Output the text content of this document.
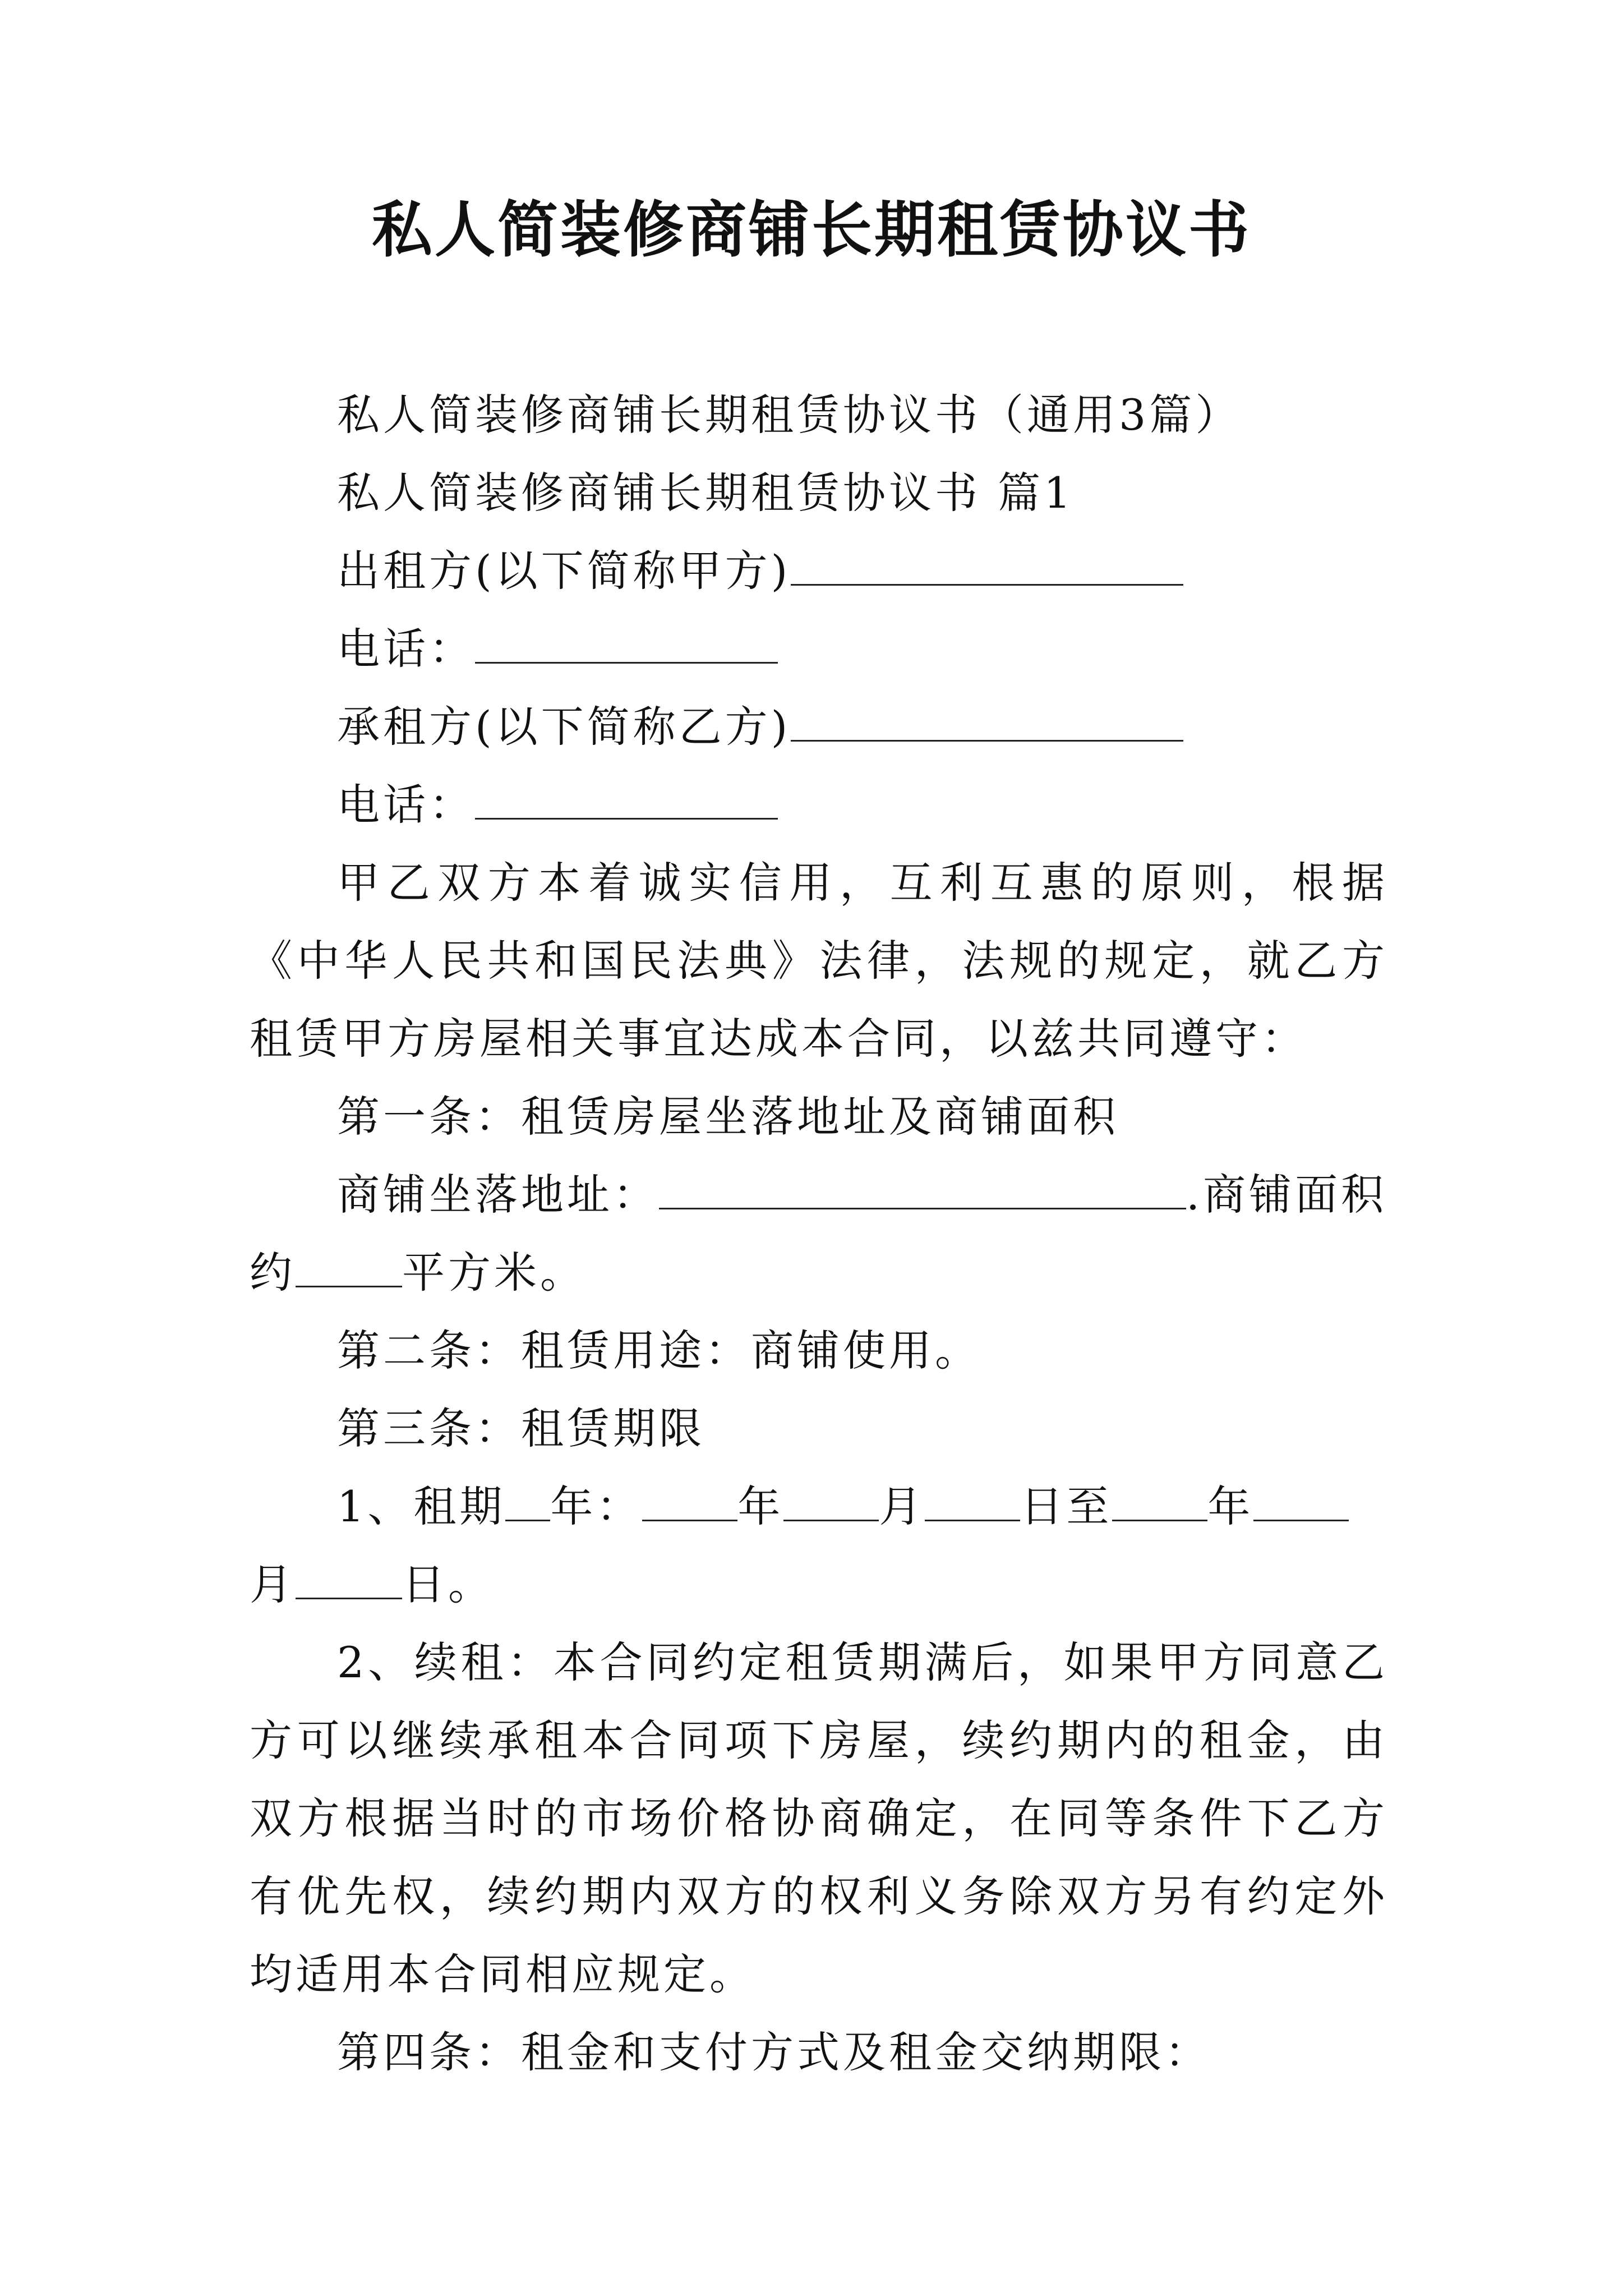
私人简装修商铺长期租赁协议书

私人简装修商铺长期租赁协议书（通用3篇）

私人简装修商铺长期租赁协议书 篇1

出租方(以下简称甲方)

电话：

承租方(以下简称乙方)

电话：

甲乙双方本着诚实信用，互利互惠的原则，根据《中华人民共和国民法典》法律，法规的规定，就乙方租赁甲方房屋相关事宜达成本合同，以兹共同遵守：

第一条：租赁房屋坐落地址及商铺面积

商铺坐落地址：	.商铺面积

约	平方米。

第二条：租赁用途：商铺使用。

第三条：租赁期限

1、租期 年： 年 月 日至 年

月	日。

2、续租：本合同约定租赁期满后，如果甲方同意乙方可以继续承租本合同项下房屋，续约期内的租金，由双方根据当时的市场价格协商确定，在同等条件下乙方有优先权，续约期内双方的权利义务除双方另有约定外均适用本合同相应规定。

第四条：租金和支付方式及租金交纳期限：
